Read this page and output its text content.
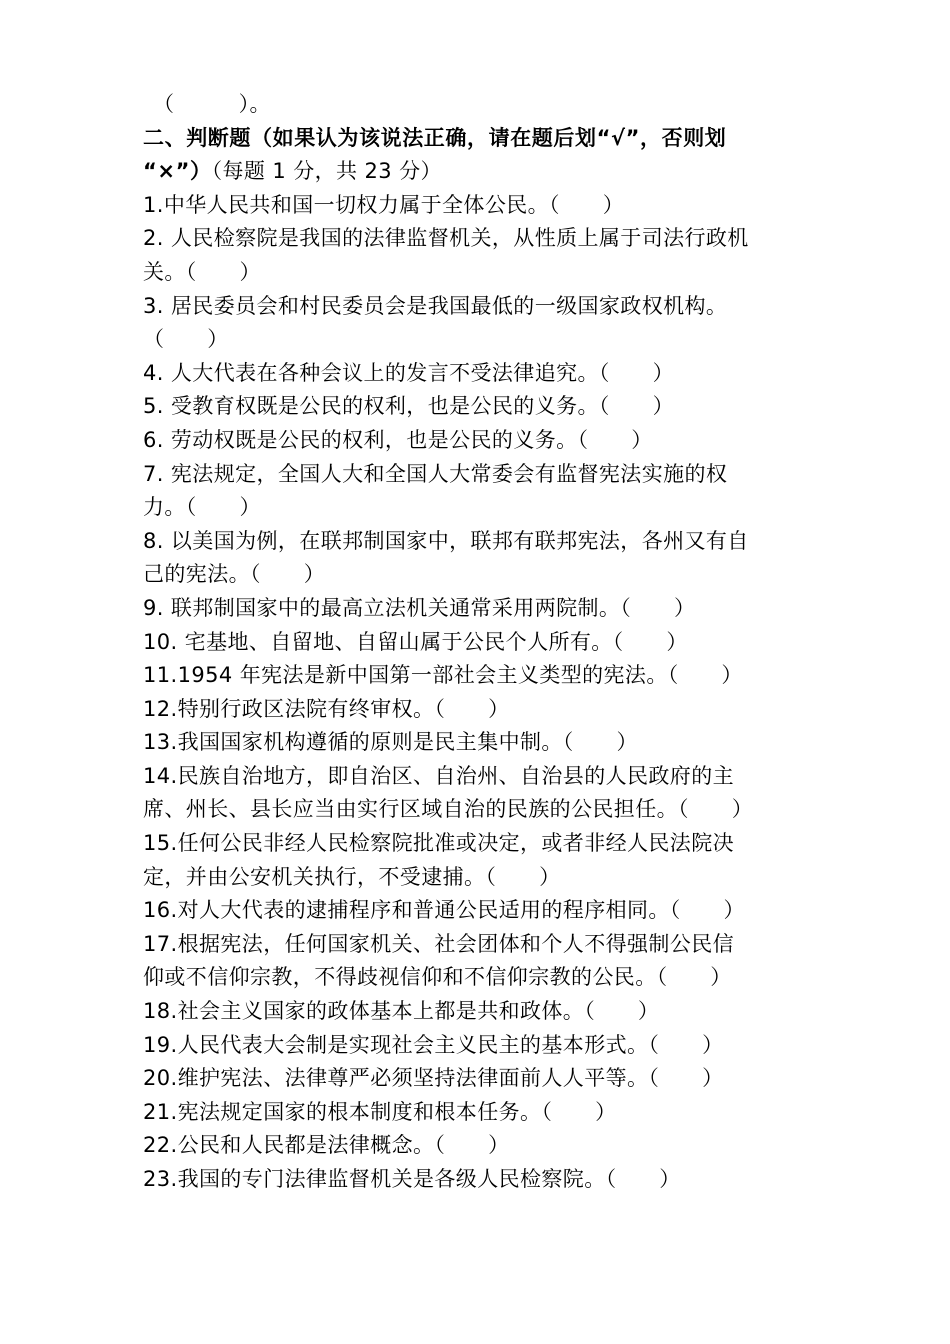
（　　　）。
二、判断题（如果认为该说法正确，请在题后划“√”，否则划
“×”）（每题 1 分，共 23 分）
1.中华人民共和国一切权力属于全体公民。（　　）
2. 人民检察院是我国的法律监督机关，从性质上属于司法行政机
关。（　　）
3. 居民委员会和村民委员会是我国最低的一级国家政权机构。
（　　）
4. 人大代表在各种会议上的发言不受法律追究。（　　）
5. 受教育权既是公民的权利，也是公民的义务。（　　）
6. 劳动权既是公民的权利，也是公民的义务。（　　）
7. 宪法规定，全国人大和全国人大常委会有监督宪法实施的权
力。（　　）
8. 以美国为例，在联邦制国家中，联邦有联邦宪法，各州又有自
己的宪法。（　　）
9. 联邦制国家中的最高立法机关通常采用两院制。（　　）
10. 宅基地、自留地、自留山属于公民个人所有。（　　）
11.1954 年宪法是新中国第一部社会主义类型的宪法。（　　）
12.特别行政区法院有终审权。（　　）
13.我国国家机构遵循的原则是民主集中制。（　　）
14.民族自治地方，即自治区、自治州、自治县的人民政府的主
席、州长、县长应当由实行区域自治的民族的公民担任。（　　）
15.任何公民非经人民检察院批准或决定，或者非经人民法院决
定，并由公安机关执行，不受逮捕。（　　）
16.对人大代表的逮捕程序和普通公民适用的程序相同。（　　）
17.根据宪法，任何国家机关、社会团体和个人不得强制公民信
仰或不信仰宗教，不得歧视信仰和不信仰宗教的公民。（　　）
18.社会主义国家的政体基本上都是共和政体。（　　）
19.人民代表大会制是实现社会主义民主的基本形式。（　　）
20.维护宪法、法律尊严必须坚持法律面前人人平等。（　　）
21.宪法规定国家的根本制度和根本任务。（　　）
22.公民和人民都是法律概念。（　　）
23.我国的专门法律监督机关是各级人民检察院。（　　）
